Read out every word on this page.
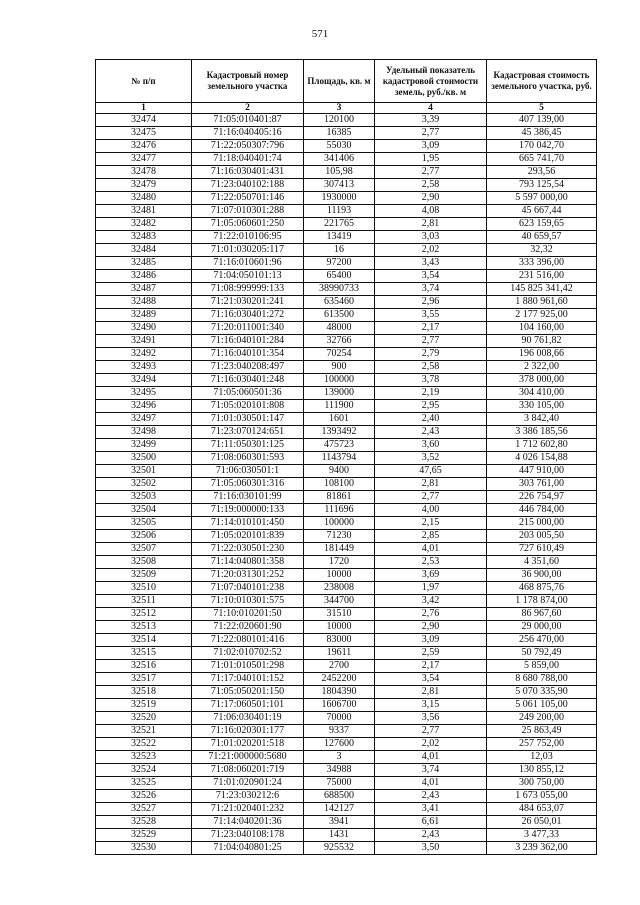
571
№ п/п	Кадастровый номер земельного участка	Площадь, кв. м	Удельный показатель кадастровой стоимости земель, руб./кв. м	Кадастровая стоимость земельного участка, руб.
1	2	3	4	5
32474	71:05:010401:87	120100	3,39	407 139,00
32475	71:16:040405:16	16385	2,77	45 386,45
32476	71:22:050307:796	55030	3,09	170 042,70
32477	71:18:040401:74	341406	1,95	665 741,70
32478	71:16:030401:431	105,98	2,77	293,56
32479	71:23:040102:188	307413	2,58	793 125,54
32480	71:22:050701:146	1930000	2,90	5 597 000,00
32481	71:07:010301:288	11193	4,08	45 667,44
32482	71:05:060601:250	221765	2,81	623 159,65
32483	71:22:010106:95	13419	3,03	40 659,57
32484	71:01:030205:117	16	2,02	32,32
32485	71:16:010601:96	97200	3,43	333 396,00
32486	71:04:050101:13	65400	3,54	231 516,00
32487	71:08:999999:133	38990733	3,74	145 825 341,42
32488	71:21:030201:241	635460	2,96	1 880 961,60
32489	71:16:030401:272	613500	3,55	2 177 925,00
32490	71:20:011001:340	48000	2,17	104 160,00
32491	71:16:040101:284	32766	2,77	90 761,82
32492	71:16:040101:354	70254	2,79	196 008,66
32493	71:23:040208:497	900	2,58	2 322,00
32494	71:16:030401:248	100000	3,78	378 000,00
32495	71:05:060501:36	139000	2,19	304 410,00
32496	71:05:020101:808	111900	2,95	330 105,00
32497	71:01:030501:147	1601	2,40	3 842,40
32498	71:23:070124:651	1393492	2,43	3 386 185,56
32499	71:11:050301:125	475723	3,60	1 712 602,80
32500	71:08:060301:593	1143794	3,52	4 026 154,88
32501	71:06:030501:1	9400	47,65	447 910,00
32502	71:05:060301:316	108100	2,81	303 761,00
32503	71:16:030101:99	81861	2,77	226 754,97
32504	71:19:000000:133	111696	4,00	446 784,00
32505	71:14:010101:450	100000	2,15	215 000,00
32506	71:05:020101:839	71230	2,85	203 005,50
32507	71:22:030501:230	181449	4,01	727 610,49
32508	71:14:040801:358	1720	2,53	4 351,60
32509	71:20:031301:252	10000	3,69	36 900,00
32510	71:07:040101:238	238008	1,97	468 875,76
32511	71:10:010301:575	344700	3,42	1 178 874,00
32512	71:10:010201:50	31510	2,76	86 967,60
32513	71:22:020601:90	10000	2,90	29 000,00
32514	71:22:080101:416	83000	3,09	256 470,00
32515	71:02:010702:52	19611	2,59	50 792,49
32516	71:01:010501:298	2700	2,17	5 859,00
32517	71:17:040101:152	2452200	3,54	8 680 788,00
32518	71:05:050201:150	1804390	2,81	5 070 335,90
32519	71:17:060501:101	1606700	3,15	5 061 105,00
32520	71:06:030401:19	70000	3,56	249 200,00
32521	71:16:020301:177	9337	2,77	25 863,49
32522	71:01:020201:518	127600	2,02	257 752,00
32523	71:21:000000:5680	3	4,01	12,03
32524	71:08:060201:719	34988	3,74	130 855,12
32525	71:01:020901:24	75000	4,01	300 750,00
32526	71:23:030212:6	688500	2,43	1 673 055,00
32527	71:21:020401:232	142127	3,41	484 653,07
32528	71:14:040201:36	3941	6,61	26 050,01
32529	71:23:040108:178	1431	2,43	3 477,33
32530	71:04:040801:25	925532	3,50	3 239 362,00
